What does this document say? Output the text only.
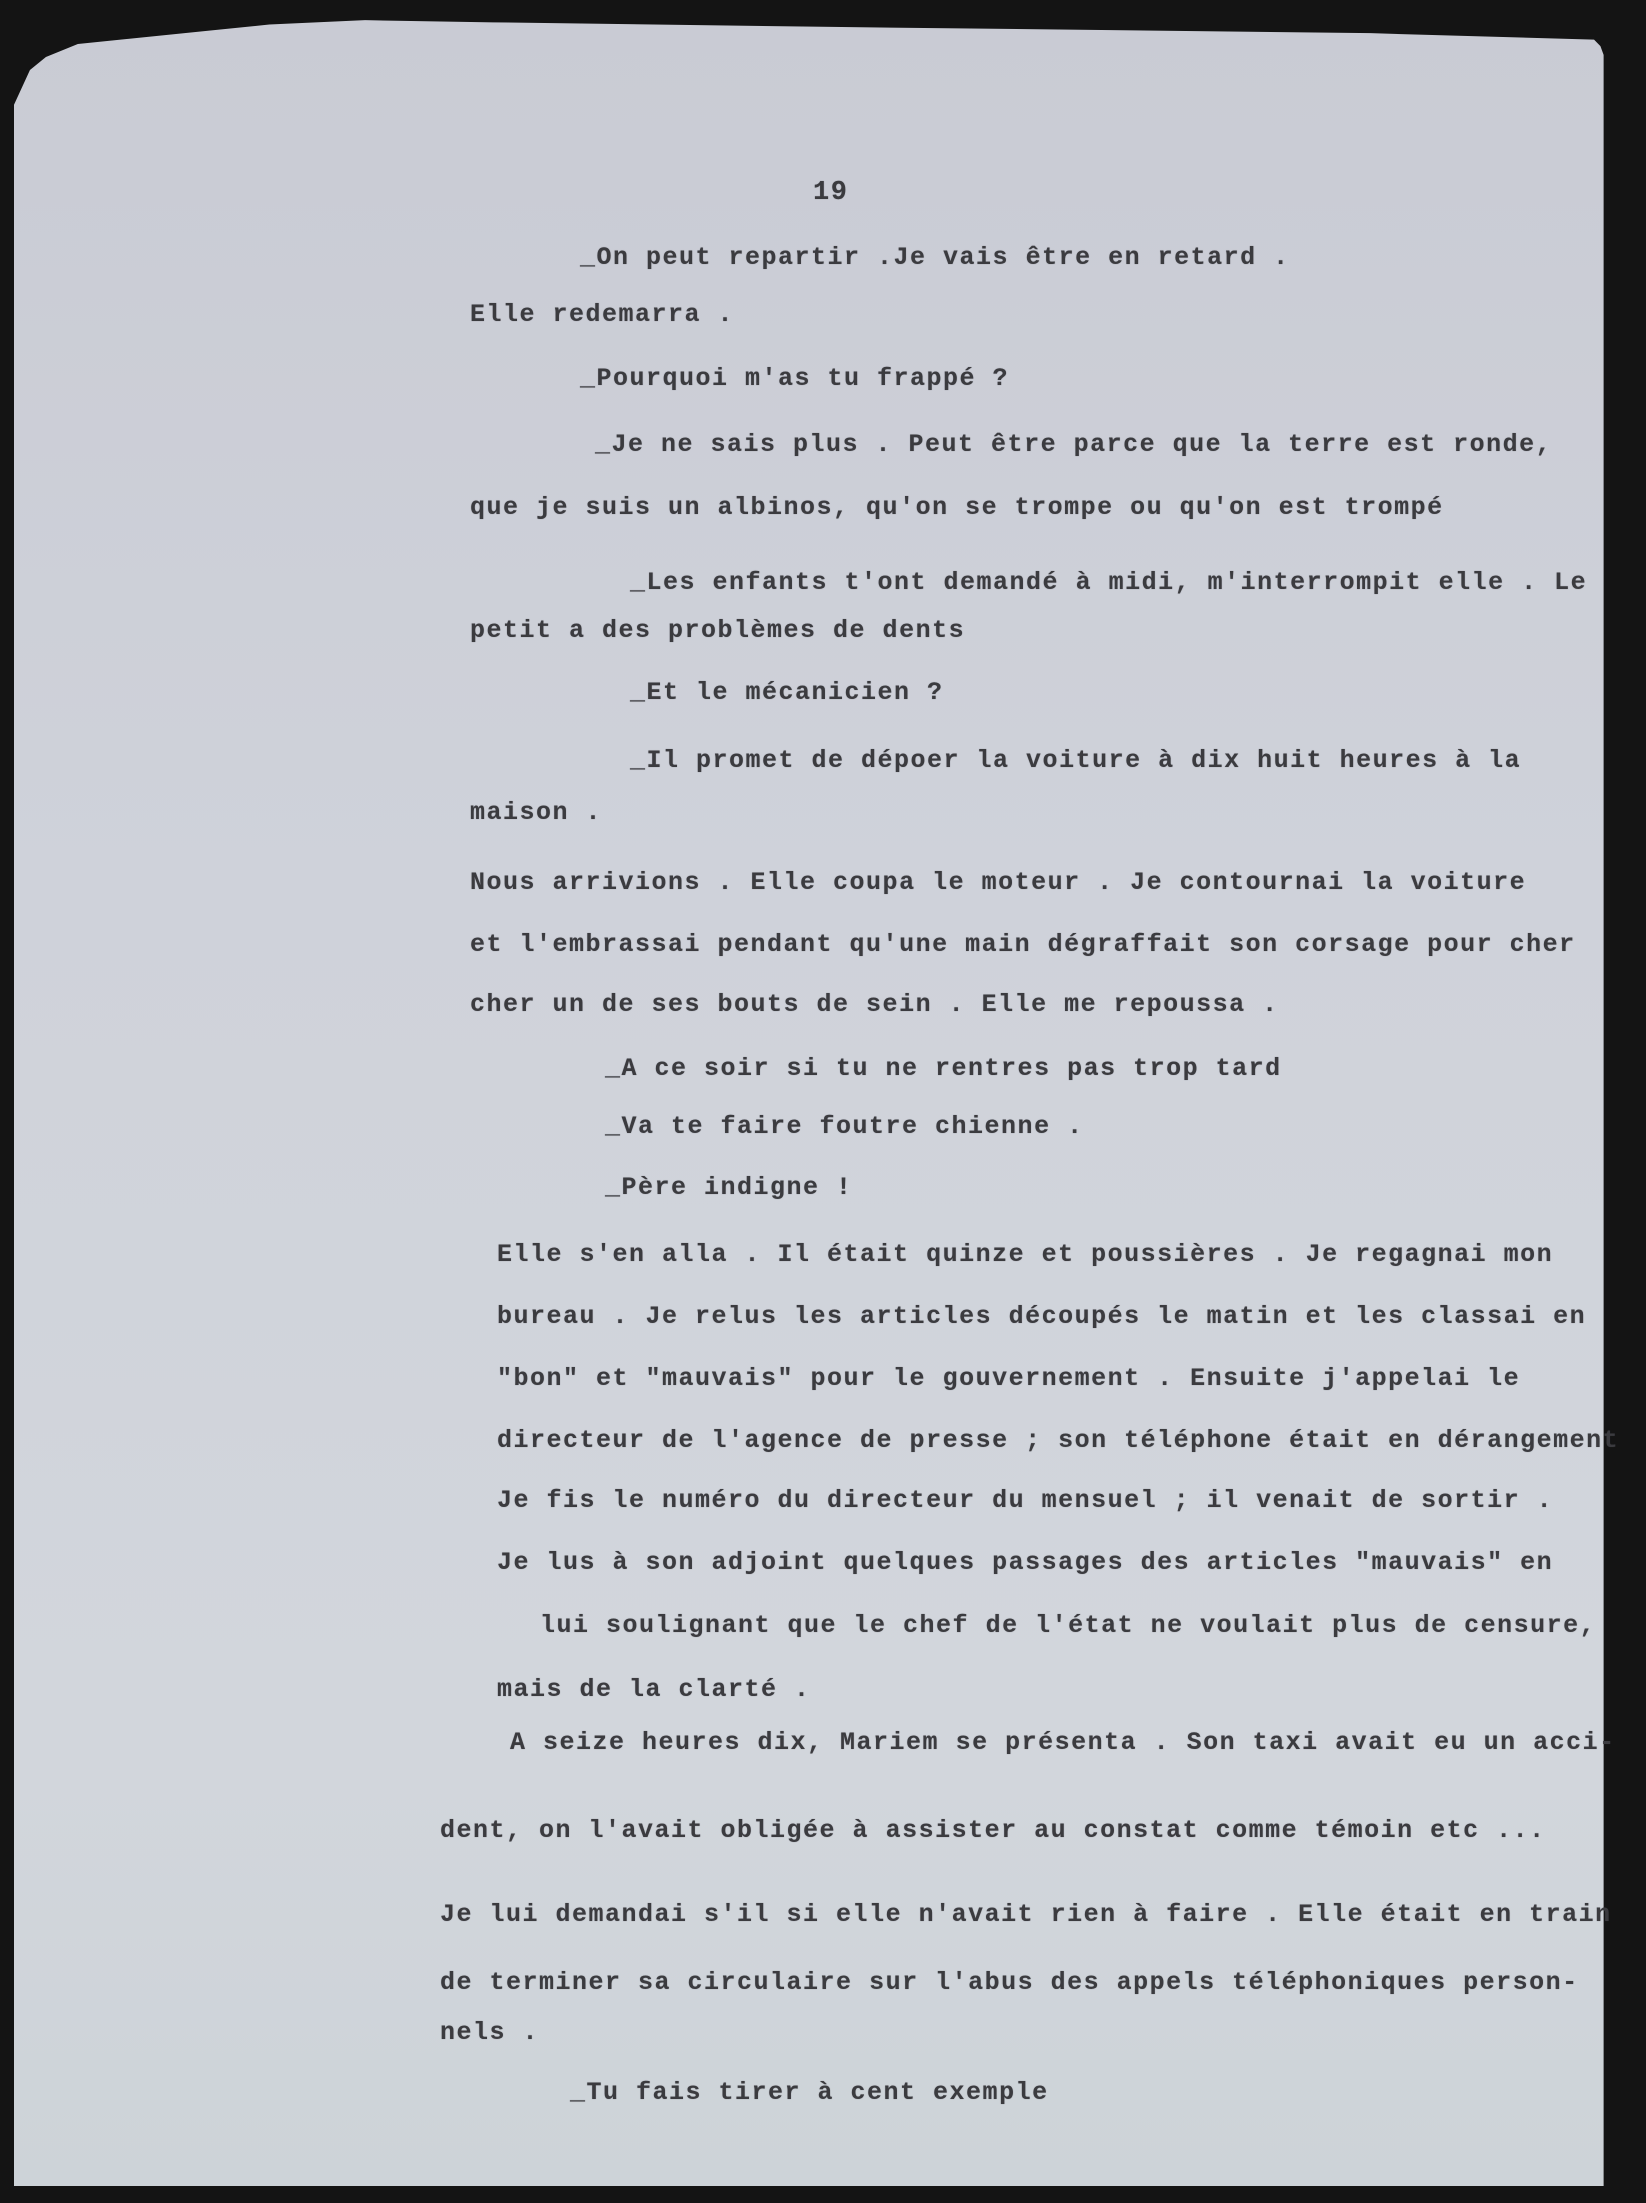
19
_On peut repartir .Je vais être en retard .
Elle redemarra .
_Pourquoi m'as tu frappé ?
_Je ne sais plus . Peut être parce que la terre est ronde,
que je suis un albinos, qu'on se trompe ou qu'on est trompé
_Les enfants t'ont demandé à midi, m'interrompit elle . Le
petit a des problèmes de dents
_Et le mécanicien ?
_Il promet de dépoer la voiture à dix huit heures à la
maison .
Nous arrivions . Elle coupa le moteur . Je contournai la voiture
et l'embrassai pendant qu'une main dégraffait son corsage pour cher
cher un de ses bouts de sein . Elle me repoussa .
_A ce soir si tu ne rentres pas trop tard
_Va te faire foutre chienne .
_Père indigne !
Elle s'en alla . Il était quinze et poussières . Je regagnai mon
bureau . Je relus les articles découpés le matin et les classai en
"bon" et "mauvais" pour le gouvernement . Ensuite j'appelai le
directeur de l'agence de presse ; son téléphone était en dérangement
Je fis le numéro du directeur du mensuel ; il venait de sortir .
Je lus à son adjoint quelques passages des articles "mauvais" en
lui soulignant que le chef de l'état ne voulait plus de censure,
mais de la clarté .
A seize heures dix, Mariem se présenta . Son taxi avait eu un acci-
dent, on l'avait obligée à assister au constat comme témoin etc ...
Je lui demandai s'il si elle n'avait rien à faire . Elle était en train
de terminer sa circulaire sur l'abus des appels téléphoniques person-
nels .
_Tu fais tirer à cent exemple
